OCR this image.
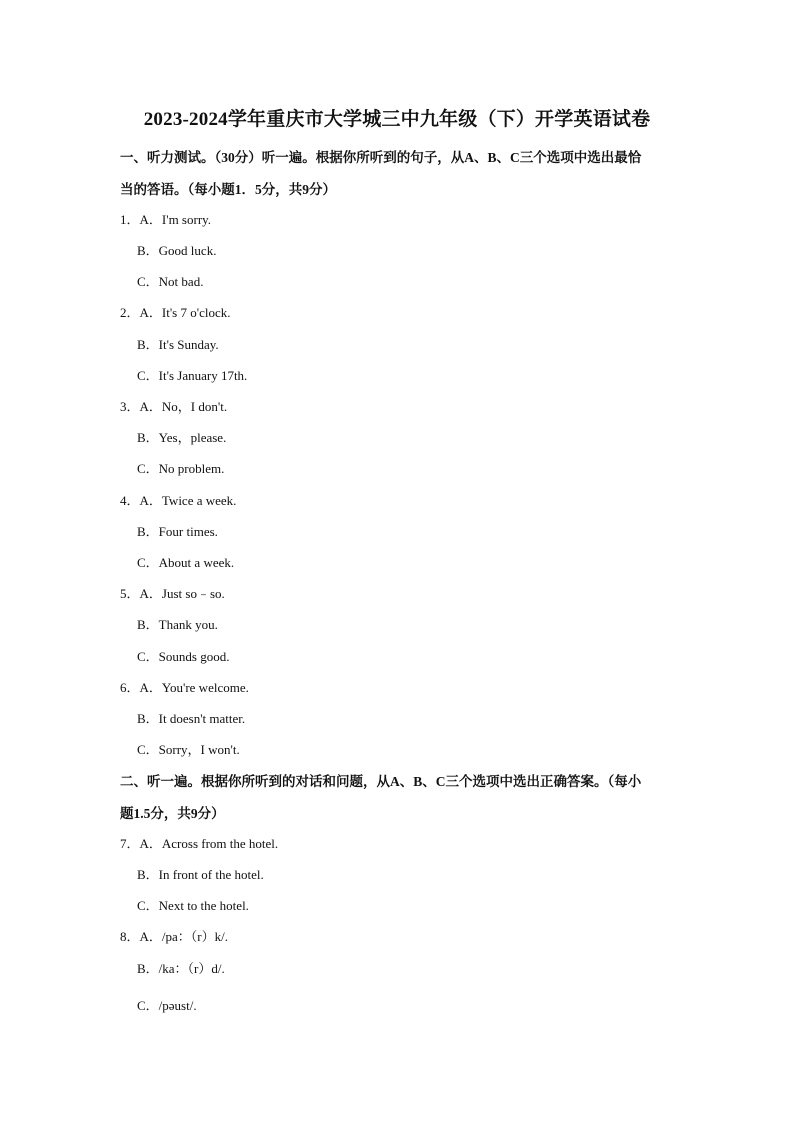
2023-2024学年重庆市大学城三中九年级（下）开学英语试卷
一、听力测试。（30分）听一遍。根据你所听到的句子，从A、B、C三个选项中选出最恰
当的答语。（每小题1．5分，共9分）
1．A．I'm sorry.
B．Good luck.
C．Not bad.
2．A．It's 7 o'clock.
B．It's Sunday.
C．It's January 17th.
3．A．No，I don't.
B．Yes，please.
C．No problem.
4．A．Twice a week.
B．Four times.
C．About a week.
5．A．Just so﹣so.
B．Thank you.
C．Sounds good.
6．A．You're welcome.
B．It doesn't matter.
C．Sorry，I won't.
二、听一遍。根据你所听到的对话和问题，从A、B、C三个选项中选出正确答案。（每小
题1.5分，共9分）
7．A．Across from the hotel.
B．In front of the hotel.
C．Next to the hotel.
8．A．/pa：（r）k/.
B．/ka：（r）d/.
C．/pəust/.
